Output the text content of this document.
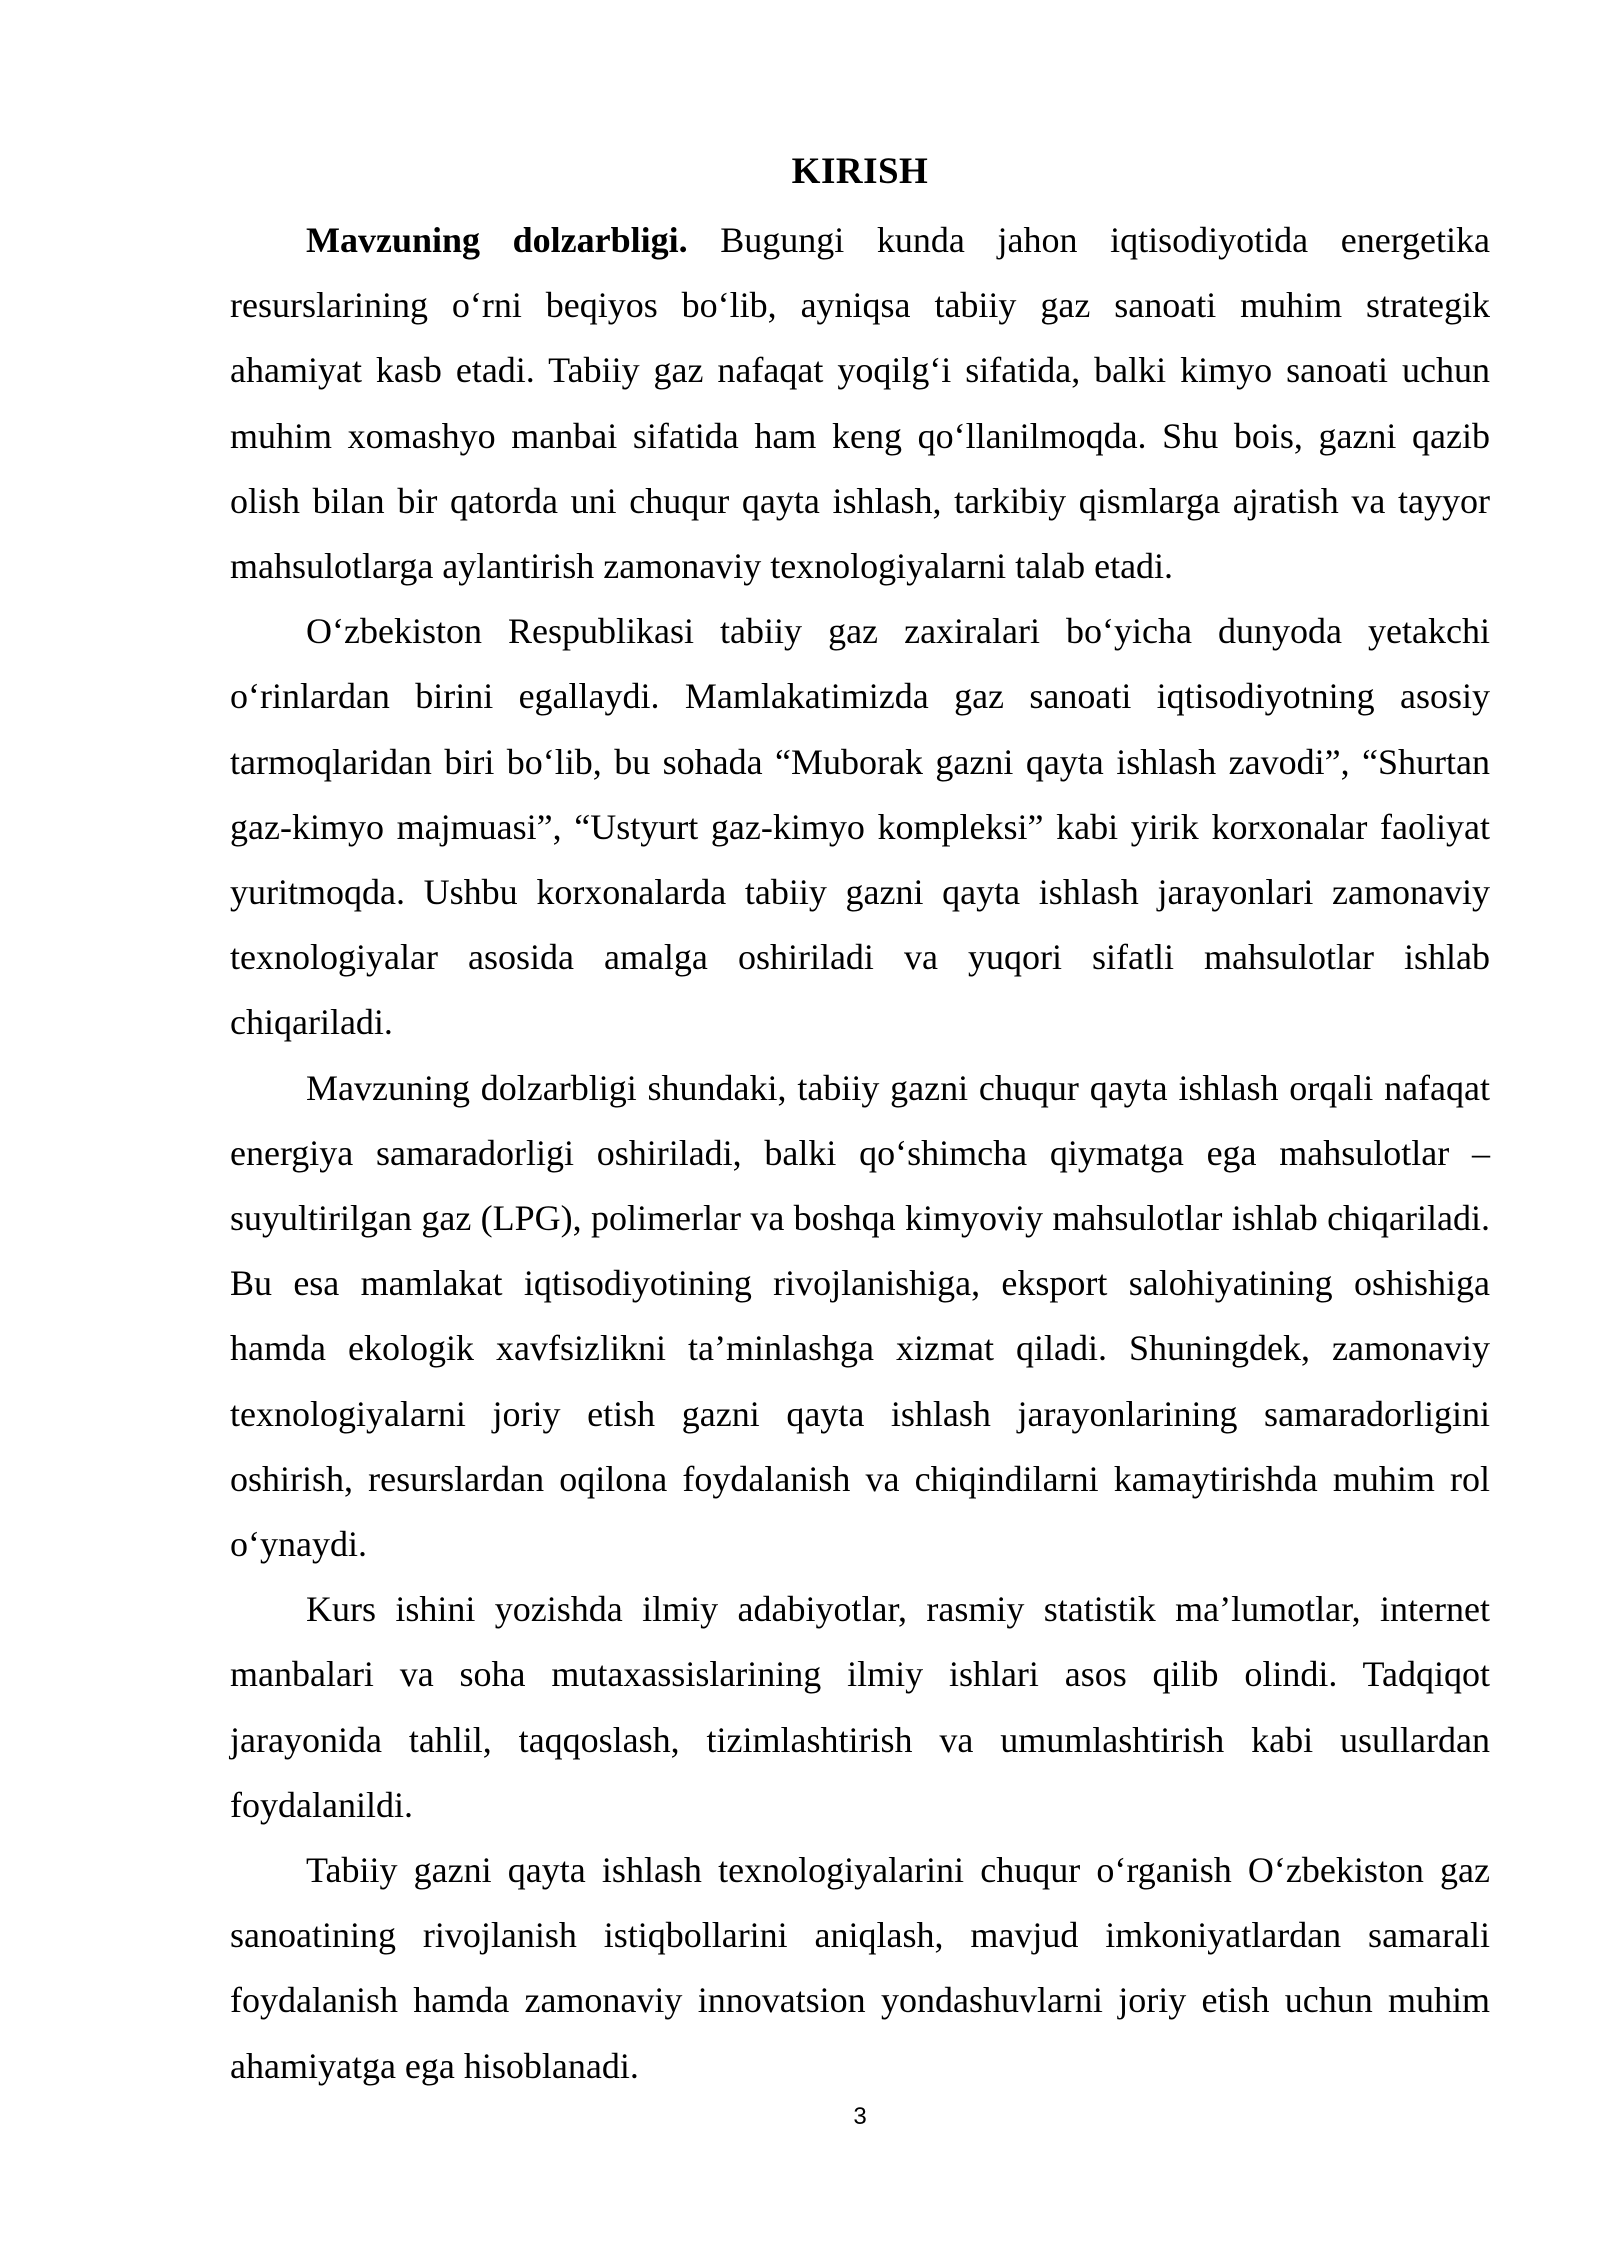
KIRISH

Mavzuning dolzarbligi. Bugungi kunda jahon iqtisodiyotida energetika resurslarining o‘rni beqiyos bo‘lib, ayniqsa tabiiy gaz sanoati muhim strategik ahamiyat kasb etadi. Tabiiy gaz nafaqat yoqilg‘i sifatida, balki kimyo sanoati uchun muhim xomashyo manbai sifatida ham keng qo‘llanilmoqda. Shu bois, gazni qazib olish bilan bir qatorda uni chuqur qayta ishlash, tarkibiy qismlarga ajratish va tayyor mahsulotlarga aylantirish zamonaviy texnologiyalarni talab etadi.

O‘zbekiston Respublikasi tabiiy gaz zaxiralari bo‘yicha dunyoda yetakchi o‘rinlardan birini egallaydi. Mamlakatimizda gaz sanoati iqtisodiyotning asosiy tarmoqlaridan biri bo‘lib, bu sohada “Muborak gazni qayta ishlash zavodi”, “Shurtan gaz-kimyo majmuasi”, “Ustyurt gaz-kimyo kompleksi” kabi yirik korxonalar faoliyat yuritmoqda. Ushbu korxonalarda tabiiy gazni qayta ishlash jarayonlari zamonaviy texnologiyalar asosida amalga oshiriladi va yuqori sifatli mahsulotlar ishlab chiqariladi.

Mavzuning dolzarbligi shundaki, tabiiy gazni chuqur qayta ishlash orqali nafaqat energiya samaradorligi oshiriladi, balki qo‘shimcha qiymatga ega mahsulotlar – suyultirilgan gaz (LPG), polimerlar va boshqa kimyoviy mahsulotlar ishlab chiqariladi. Bu esa mamlakat iqtisodiyotining rivojlanishiga, eksport salohiyatining oshishiga hamda ekologik xavfsizlikni ta’minlashga xizmat qiladi. Shuningdek, zamonaviy texnologiyalarni joriy etish gazni qayta ishlash jarayonlarining samaradorligini oshirish, resurslardan oqilona foydalanish va chiqindilarni kamaytirishda muhim rol o‘ynaydi.

Kurs ishini yozishda ilmiy adabiyotlar, rasmiy statistik ma’lumotlar, internet manbalari va soha mutaxassislarining ilmiy ishlari asos qilib olindi. Tadqiqot jarayonida tahlil, taqqoslash, tizimlashtirish va umumlashtirish kabi usullardan foydalanildi.

Tabiiy gazni qayta ishlash texnologiyalarini chuqur o‘rganish O‘zbekiston gaz sanoatining rivojlanish istiqbollarini aniqlash, mavjud imkoniyatlardan samarali foydalanish hamda zamonaviy innovatsion yondashuvlarni joriy etish uchun muhim ahamiyatga ega hisoblanadi.

3
